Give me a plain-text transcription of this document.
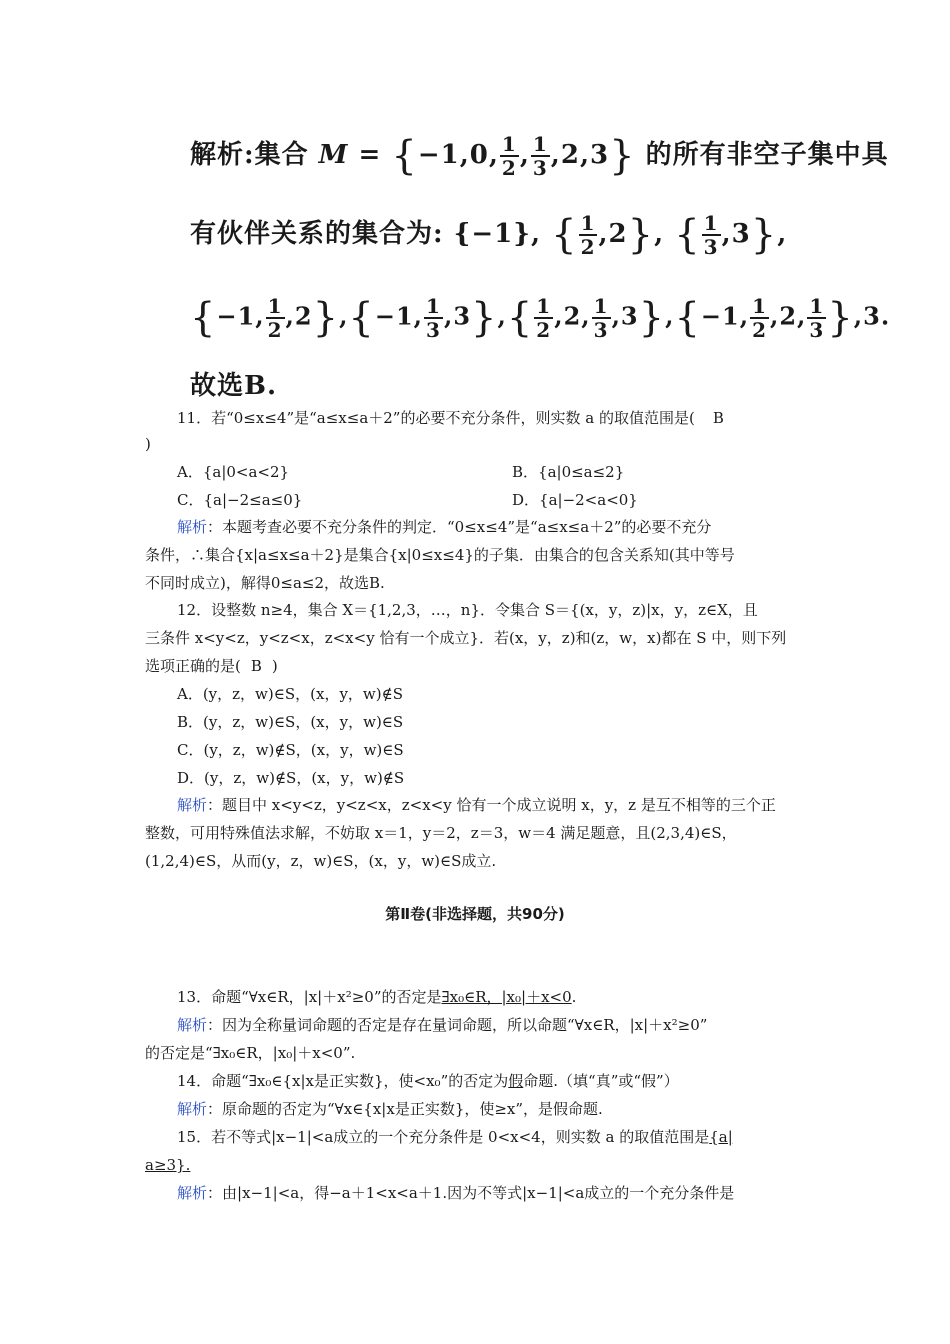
解析:集合 M = {−1,0, $\frac{1}{2}$ , $\frac{1}{3} ,2,3$} 的所有非空子集中具
有伙伴关系的集合为: {−1}, { $\frac{1}{2} ,2$}, { $\frac{1}{3} ,3$},
{−1, $\frac{1}{2} ,2\},\{-1$, $\frac{1}{3} ,3\},\{ \frac{1}{2} ,2$, $\frac{1}{3} ,3\},\{-1$, $\frac{1}{2} ,2$, $\frac{1}{3} \},3$.
故选B.
11．若“0≤x≤4”是“a≤x≤a＋2”的必要不充分条件，则实数 a 的取值范围是( B
)
A．{a|0<a<2}	B．{a|0≤a≤2}
C．{a|−2≤a≤0}	D．{a|−2<a<0}
解析：本题考查必要不充分条件的判定．“0≤x≤4”是“a≤x≤a＋2”的必要不充分
条件，∴集合{x|a≤x≤a＋2}是集合{x|0≤x≤4}的子集．由集合的包含关系知(其中等号
不同时成立)，解得0≤a≤2，故选B.
12．设整数 n≥4，集合 X＝{1,2,3，…，n}．令集合 S＝{(x，y，z)|x，y，z∈X，且
三条件 x<y<z，y<z<x，z<x<y 恰有一个成立}．若(x，y，z)和(z，w，x)都在 S 中，则下列
选项正确的是( B )
A．(y，z，w)∈S，(x，y，w)∉S
B．(y，z，w)∈S，(x，y，w)∈S
C．(y，z，w)∉S，(x，y，w)∈S
D．(y，z，w)∉S，(x，y，w)∉S
解析：题目中 x<y<z，y<z<x，z<x<y 恰有一个成立说明 x，y，z 是互不相等的三个正
整数，可用特殊值法求解，不妨取 x＝1，y＝2，z＝3，w＝4 满足题意，且(2,3,4)∈S，
(1,2,4)∈S，从而(y，z，w)∈S，(x，y，w)∈S成立.
第Ⅱ卷(非选择题，共90分)
13．命题“∀x∈R，|x|＋x²≥0”的否定是∃x₀∈R，|x₀|＋x<0.
解析：因为全称量词命题的否定是存在量词命题，所以命题“∀x∈R，|x|＋x²≥0”
的否定是“∃x₀∈R，|x₀|＋x<0”.
14．命题“∃x₀∈{x|x是正实数}，使<x₀”的否定为假命题.（填“真”或“假”）
解析：原命题的否定为“∀x∈{x|x是正实数}，使≥x”，是假命题.
15．若不等式|x−1|<a成立的一个充分条件是 0<x<4，则实数 a 的取值范围是{a|
a≥3}.
解析：由|x−1|<a，得−a＋1<x<a＋1.因为不等式|x−1|<a成立的一个充分条件是
